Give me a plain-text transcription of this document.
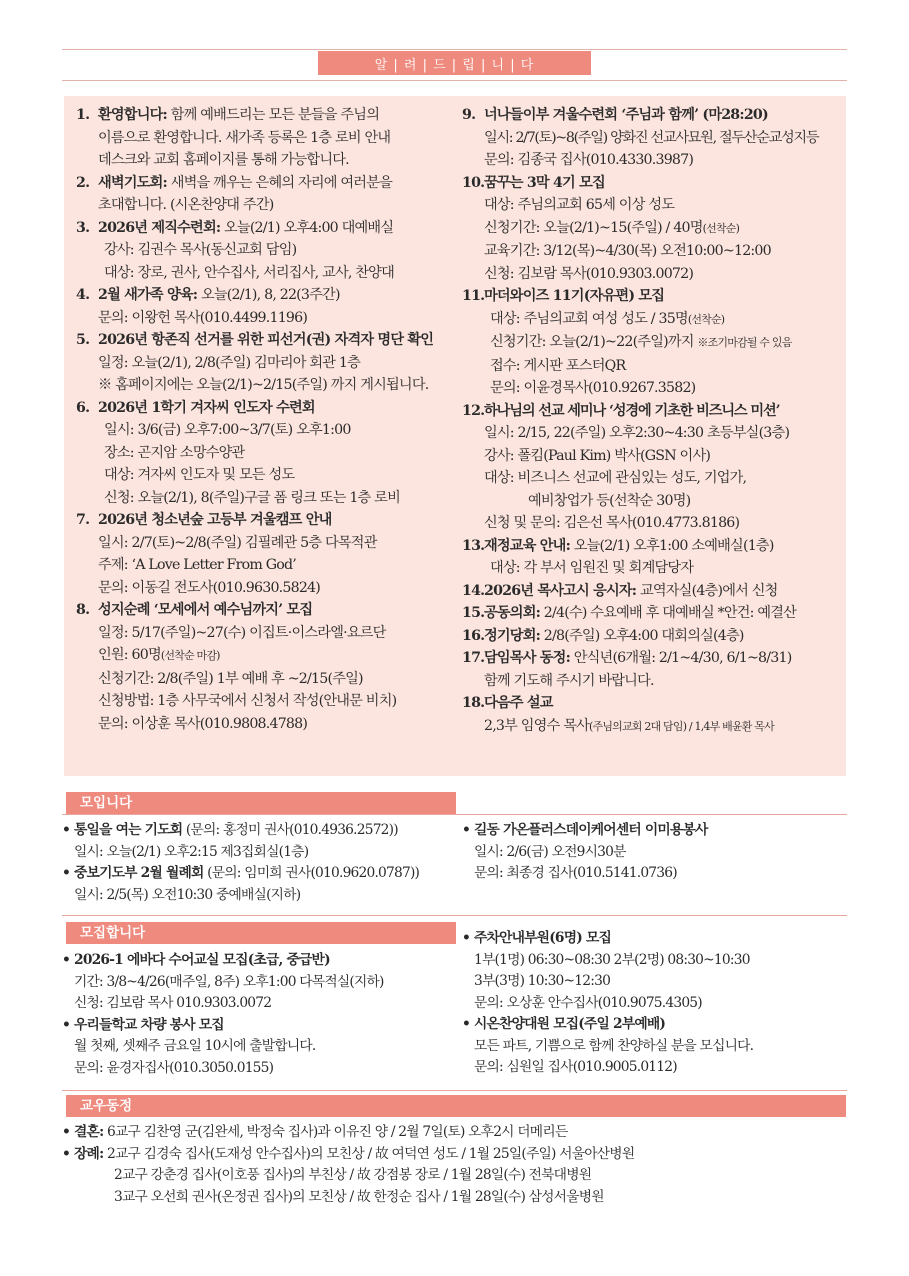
알 | 려 | 드 | 립 | 니 | 다
1. 환영합니다: 함께 예배드리는 모든 분들을 주님의
이름으로 환영합니다. 새가족 등록은 1층 로비 안내
데스크와 교회 홈페이지를 통해 가능합니다.
2. 새벽기도회: 새벽을 깨우는 은혜의 자리에 여러분을
초대합니다. (시온찬양대 주간)
3. 2026년 제직수련회: 오늘(2/1) 오후4:00 대예배실
강사: 김권수 목사(동신교회 담임)
대상: 장로, 권사, 안수집사, 서리집사, 교사, 찬양대
4. 2월 새가족 양육: 오늘(2/1), 8, 22(3주간)
문의: 이왕헌 목사(010.4499.1196)
5. 2026년 항존직 선거를 위한 피선거(권) 자격자 명단 확인
일정: 오늘(2/1), 2/8(주일) 김마리아 회관 1층
※ 홈페이지에는 오늘(2/1)~2/15(주일) 까지 게시됩니다.
6. 2026년 1학기 겨자씨 인도자 수련회
일시: 3/6(금) 오후7:00~3/7(토) 오후1:00
장소: 곤지암 소망수양관
대상: 겨자씨 인도자 및 모든 성도
신청: 오늘(2/1), 8(주일)구글 폼 링크 또는 1층 로비
7. 2026년 청소년숲 고등부 겨울캠프 안내
일시: 2/7(토)~2/8(주일) 김필례관 5층 다목적관
주제: ‘A Love Letter From God’
문의: 이동길 전도사(010.9630.5824)
8. 성지순례 ‘모세에서 예수님까지’ 모집
일정: 5/17(주일)~27(수) 이집트·이스라엘·요르단
인원: 60명(선착순 마감)
신청기간: 2/8(주일) 1부 예배 후 ~2/15(주일)
신청방법: 1층 사무국에서 신청서 작성(안내문 비치)
문의: 이상훈 목사(010.9808.4788)
9. 너나들이부 겨울수련회 ‘주님과 함께’ (마28:20)
일시: 2/7(토)~8(주일) 양화진 선교사묘원, 절두산순교성지등
문의: 김종국 집사(010.4330.3987)
10. 꿈꾸는 3막 4기 모집
대상: 주님의교회 65세 이상 성도
신청기간: 오늘(2/1)~15(주일) / 40명(선착순)
교육기간: 3/12(목)~4/30(목) 오전10:00~12:00
신청: 김보람 목사(010.9303.0072)
11. 마더와이즈 11기(자유편) 모집
대상: 주님의교회 여성 성도 / 35명(선착순)
신청기간: 오늘(2/1)~22(주일)까지 ※조기마감될 수 있음
접수: 게시판 포스터QR
문의: 이윤경목사(010.9267.3582)
12. 하나님의 선교 세미나 ‘성경에 기초한 비즈니스 미션’
일시: 2/15, 22(주일) 오후2:30~4:30 초등부실(3층)
강사: 폴킴(Paul Kim) 박사(GSN 이사)
대상: 비즈니스 선교에 관심있는 성도, 기업가,
예비창업가 등(선착순 30명)
신청 및 문의: 김은선 목사(010.4773.8186)
13. 재정교육 안내: 오늘(2/1) 오후1:00 소예배실(1층)
대상: 각 부서 임원진 및 회계담당자
14. 2026년 목사고시 응시자: 교역자실(4층)에서 신청
15. 공동의회: 2/4(수) 수요예배 후 대예배실 *안건: 예결산
16. 정기당회: 2/8(주일) 오후4:00 대회의실(4층)
17. 담임목사 동정: 안식년(6개월: 2/1~4/30, 6/1~8/31)
함께 기도해 주시기 바랍니다.
18. 다음주 설교
2,3부 임영수 목사(주님의교회 2대 담임) / 1,4부 배윤환 목사
모입니다
• 통일을 여는 기도회 (문의: 홍정미 권사(010.4936.2572))
일시: 오늘(2/1) 오후2:15 제3집회실(1층)
• 중보기도부 2월 월례회 (문의: 임미희 권사(010.9620.0787))
일시: 2/5(목) 오전10:30 중예배실(지하)
• 길동 가온플러스데이케어센터 이미용봉사
일시: 2/6(금) 오전9시30분
문의: 최종경 집사(010.5141.0736)
모집합니다
• 2026-1 에바다 수어교실 모집(초급, 중급반)
기간: 3/8~4/26(매주일, 8주) 오후1:00 다목적실(지하)
신청: 김보람 목사 010.9303.0072
• 우리들학교 차량 봉사 모집
월 첫째, 셋째주 금요일 10시에 출발합니다.
문의: 윤경자집사(010.3050.0155)
• 주차안내부원(6명) 모집
1부(1명) 06:30~08:30 2부(2명) 08:30~10:30
3부(3명) 10:30~12:30
문의: 오상훈 안수집사(010.9075.4305)
• 시온찬양대원 모집(주일 2부예배)
모든 파트, 기쁨으로 함께 찬양하실 분을 모십니다.
문의: 심원일 집사(010.9005.0112)
교우동정
• 결혼: 6교구 김찬영 군(김완세, 박정숙 집사)과 이유진 양 / 2월 7일(토) 오후2시 더메리든
• 장례: 2교구 김경숙 집사(도재성 안수집사)의 모친상 / 故 여덕연 성도 / 1월 25일(주일) 서울아산병원
2교구 강춘경 집사(이호풍 집사)의 부친상 / 故 강점봉 장로 / 1월 28일(수) 전북대병원
3교구 오선희 권사(온정권 집사)의 모친상 / 故 한정순 집사 / 1월 28일(수) 삼성서울병원
